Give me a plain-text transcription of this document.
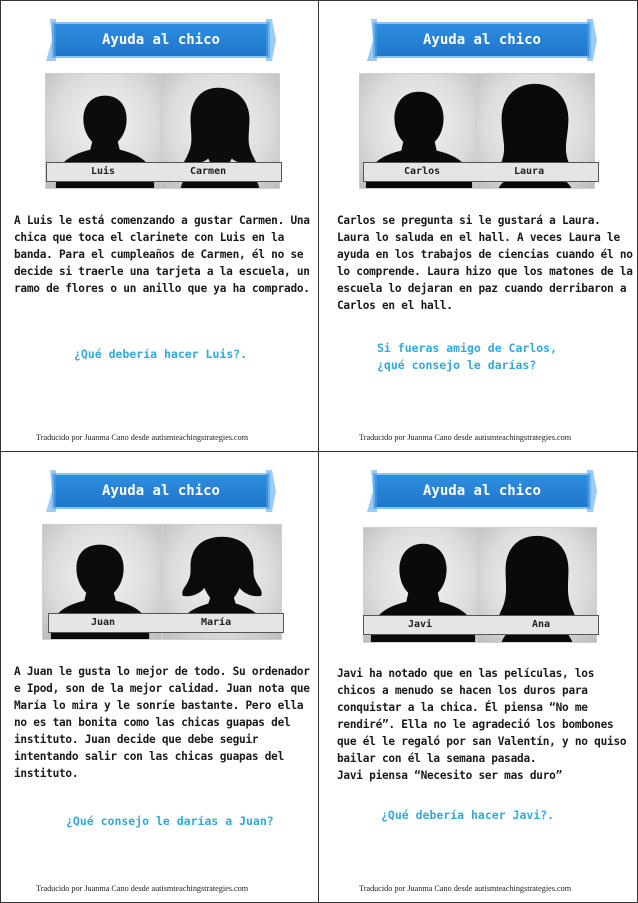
Ayuda al chico
Luis	Carmen
A Luis le está comenzando a gustar Carmen. Una chica que toca el clarinete con Luis en la banda. Para el cumpleaños de Carmen, él no se decide si traerle una tarjeta a la escuela, un ramo de flores o un anillo que ya ha comprado.
¿Qué debería hacer Luis?.
Traducido por Juanma Cano desde autismteachingstrategies.com
Ayuda al chico
Carlos	Laura
Carlos se pregunta si le gustará a Laura. Laura lo saluda en el hall. A veces Laura le ayuda en los trabajos de ciencias cuando él no lo comprende. Laura hizo que los matones de la escuela lo dejaran en paz cuando derribaron a Carlos en el hall.
Si fueras amigo de Carlos,
¿qué consejo le darías?
Traducido por Juanma Cano desde autismteachingstrategies.com
Ayuda al chico
Juan	María
A Juan le gusta lo mejor de todo. Su ordenador e Ipod, son de la mejor calidad. Juan nota que María lo mira y le sonríe bastante. Pero ella no es tan bonita como las chicas guapas del instituto. Juan decide que debe seguir intentando salir con las chicas guapas del instituto.
¿Qué consejo le darías a Juan?
Traducido por Juanma Cano desde autismteachingstrategies.com
Ayuda al chico
Javi	Ana
Javi ha notado que en las películas, los chicos a menudo se hacen los duros para conquistar a la chica. Él piensa “No me rendiré”. Ella no le agradeció los bombones que él le regaló por san Valentín, y no quiso bailar con él la semana pasada.
Javi piensa “Necesito ser mas duro”
¿Qué debería hacer Javi?.
Traducido por Juanma Cano desde autismteachingstrategies.com
